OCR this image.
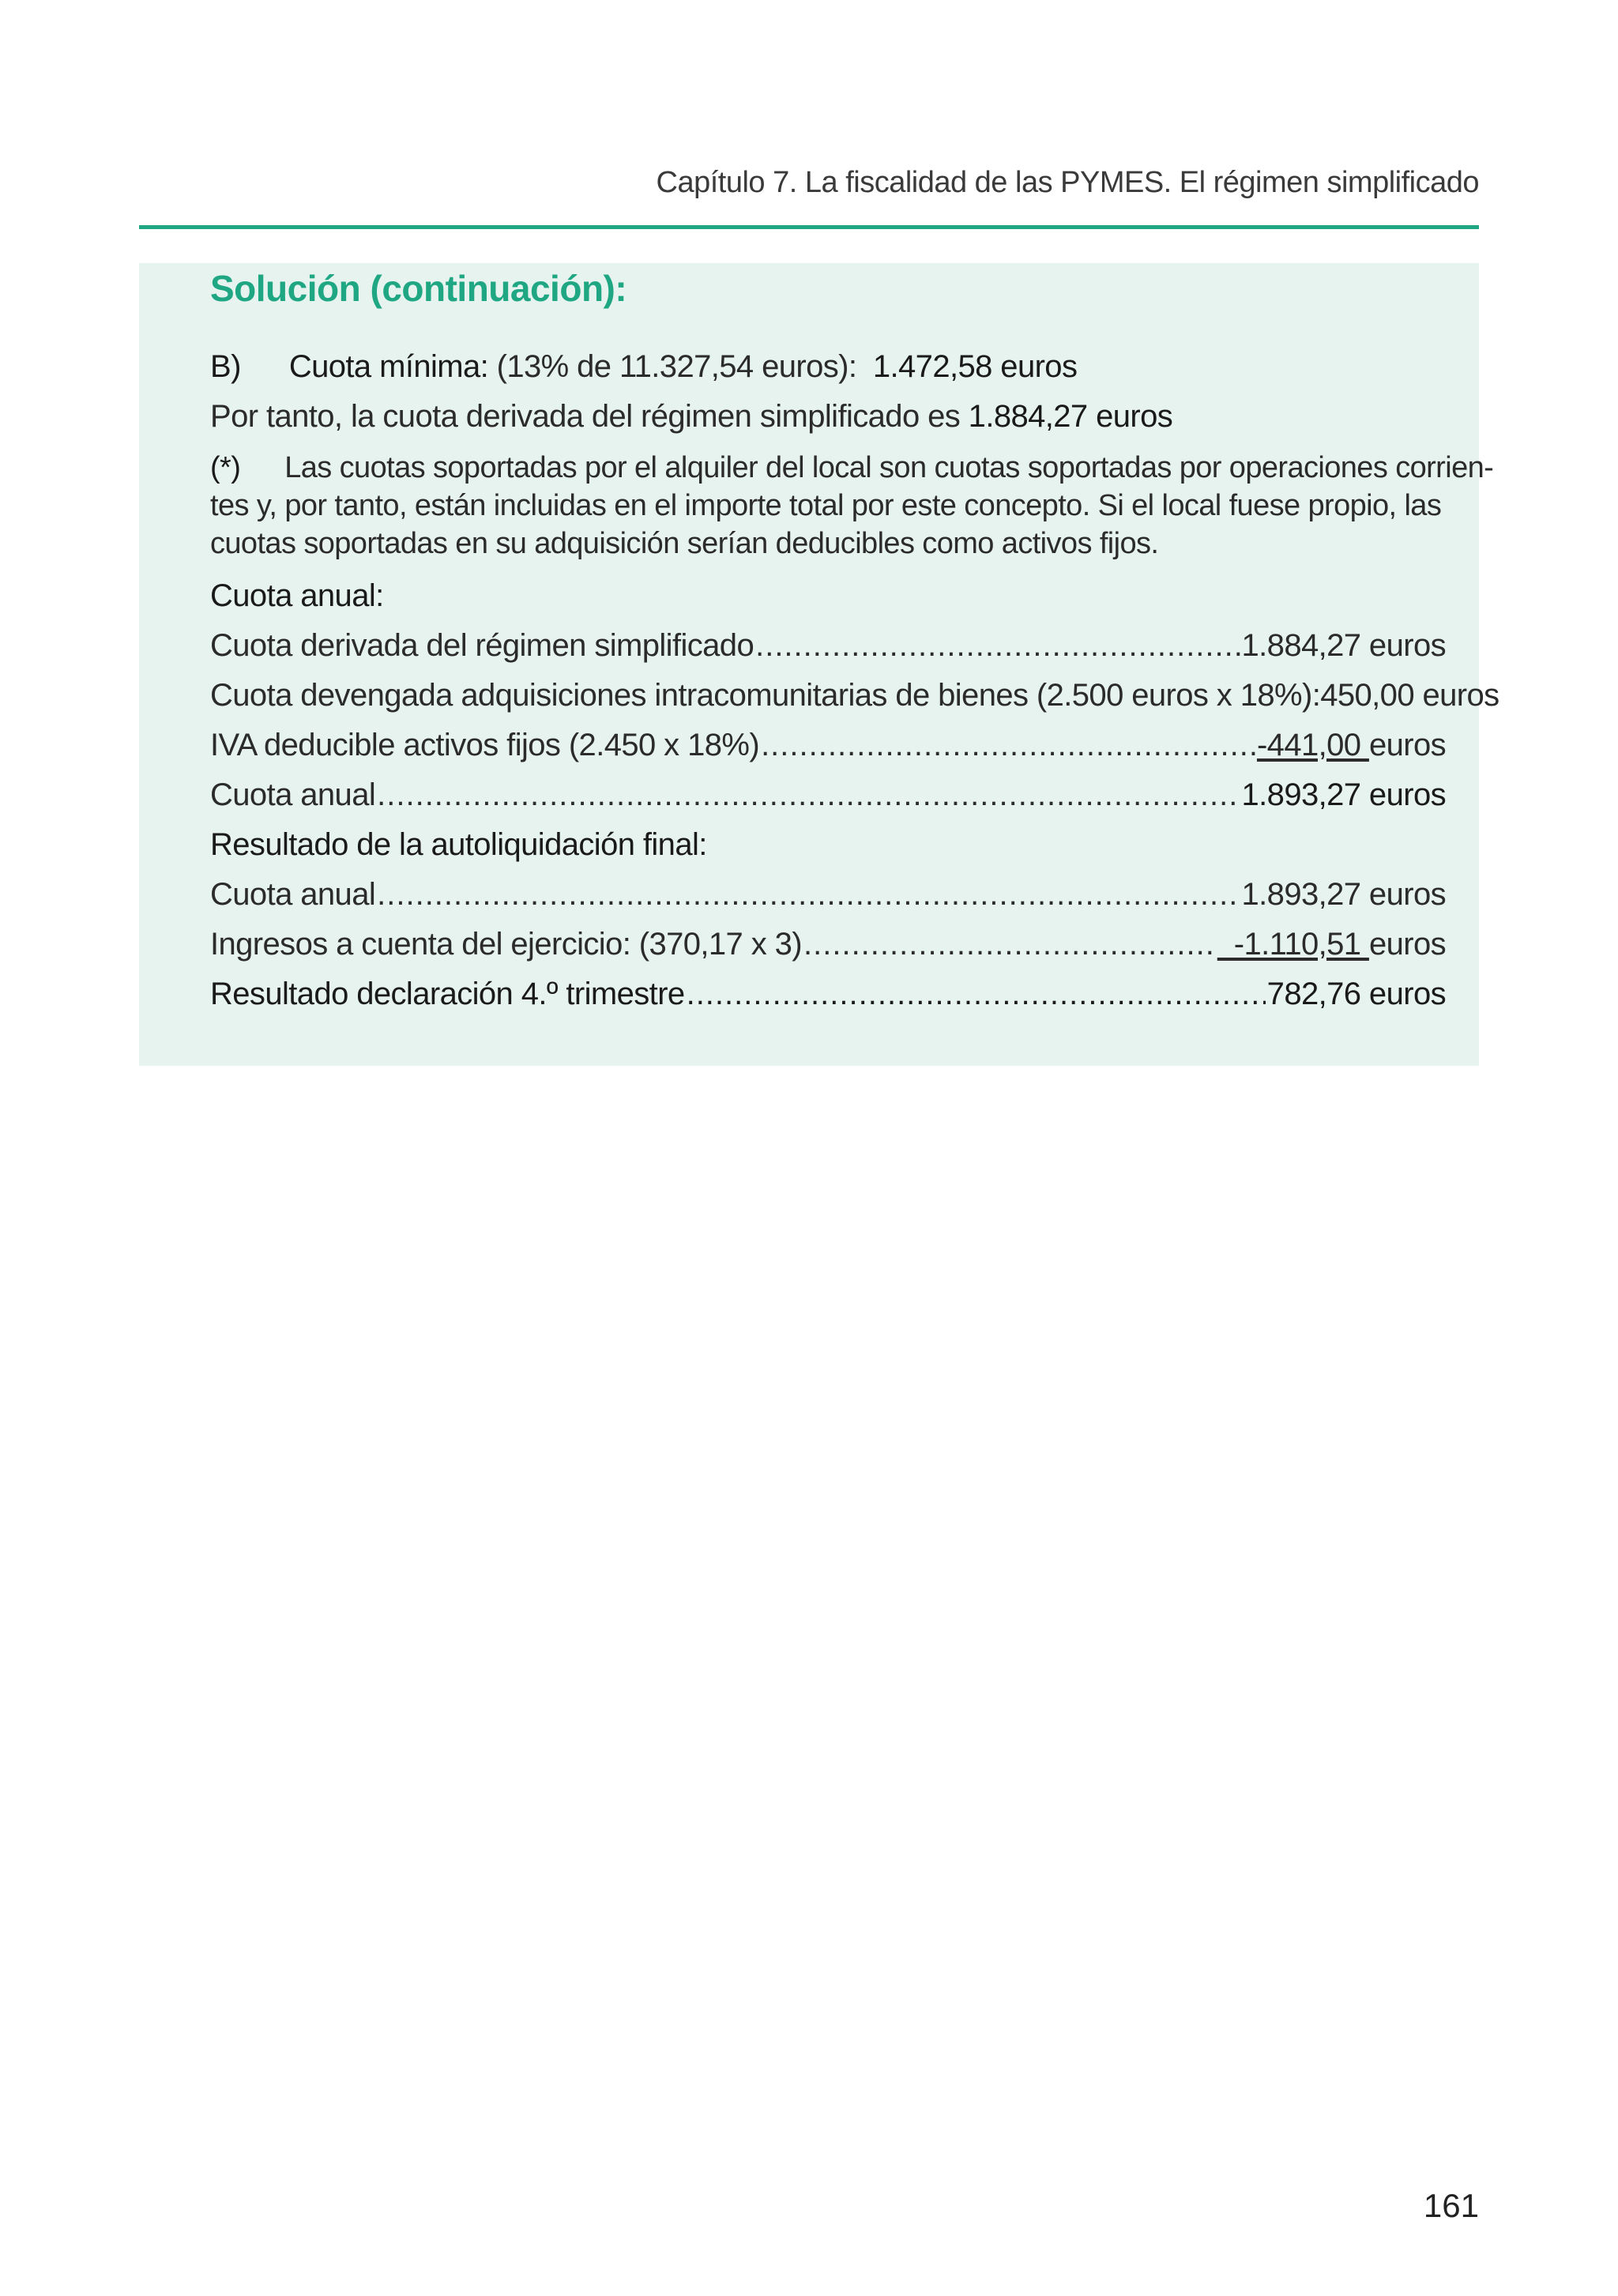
Capítulo 7. La fiscalidad de las PYMES. El régimen simplificado
Solución (continuación):
B) Cuota mínima: (13% de 11.327,54 euros): 1.472,58 euros
Por tanto, la cuota derivada del régimen simplificado es 1.884,27 euros
(*) Las cuotas soportadas por el alquiler del local son cuotas soportadas por operaciones corrien-
tes y, por tanto, están incluidas en el importe total por este concepto. Si el local fuese propio, las
cuotas soportadas en su adquisición serían deducibles como activos fijos.
Cuota anual:
Cuota derivada del régimen simplificado .....	1.884,27 euros
Cuota devengada adquisiciones intracomunitarias de bienes (2.500 euros x 18%): 450,00 euros
IVA deducible activos fijos (2.450 x 18%) .....	-441,00 euros
Cuota anual .....	1.893,27 euros
Resultado de la autoliquidación final:
Cuota anual .....	1.893,27 euros
Ingresos a cuenta del ejercicio: (370,17 x 3) .....	-1.110,51 euros
Resultado declaración 4.º trimestre .....	782,76 euros
161
